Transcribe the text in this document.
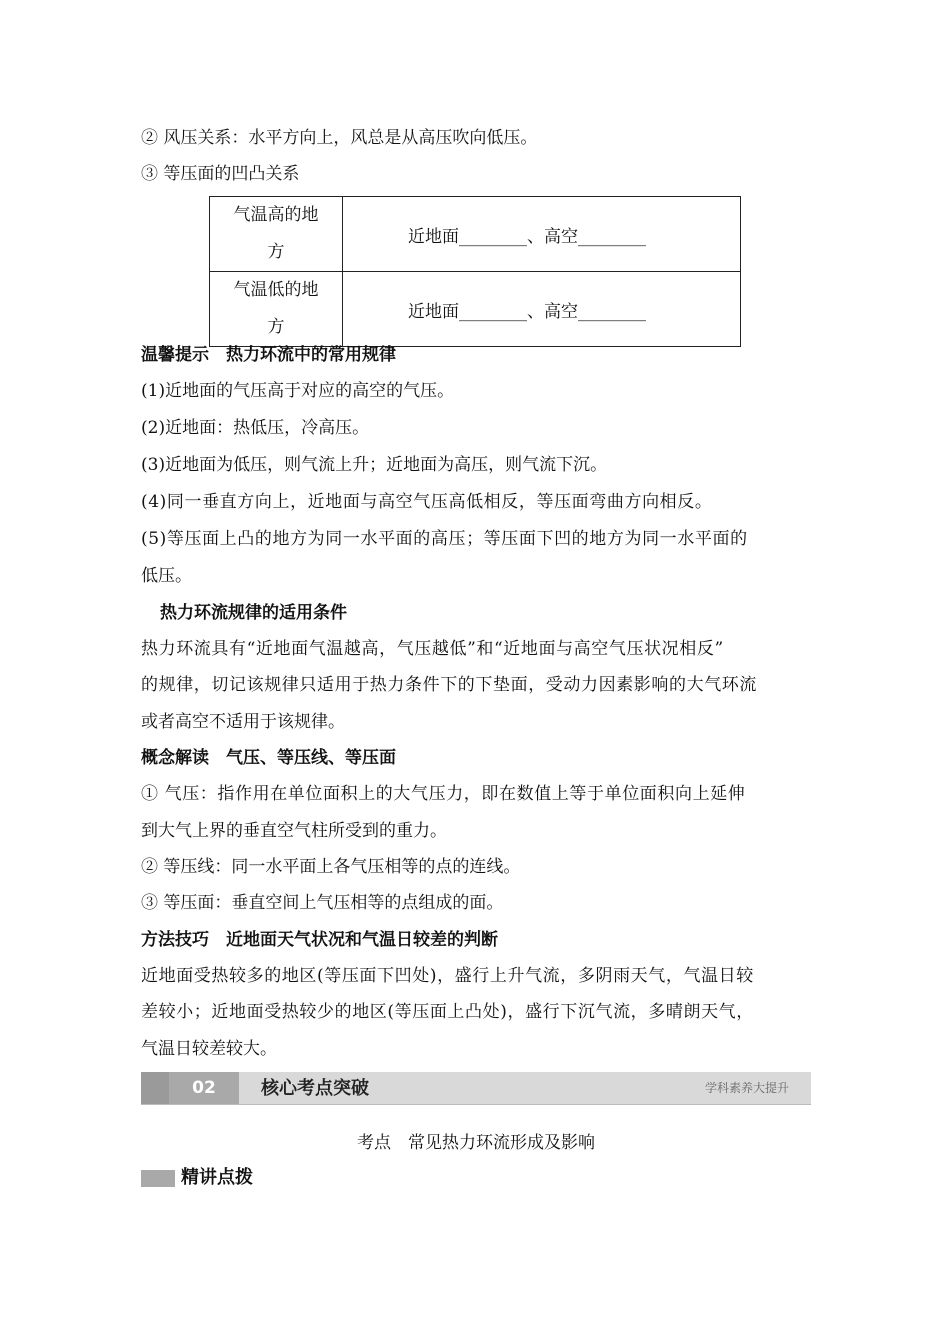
② 风压关系：水平方向上，风总是从高压吹向低压。
③ 等压面的凹凸关系
气温高的地方	近地面________、高空________

气温低的地方	近地面________、高空________
温馨提示　热力环流中的常用规律
(1)近地面的气压高于对应的高空的气压。
(2)近地面：热低压，冷高压。
(3)近地面为低压，则气流上升；近地面为高压，则气流下沉。
(4)同一垂直方向上，近地面与高空气压高低相反，等压面弯曲方向相反。
(5)等压面上凸的地方为同一水平面的高压；等压面下凹的地方为同一水平面的
低压。
热力环流规律的适用条件
热力环流具有“近地面气温越高，气压越低”和“近地面与高空气压状况相反”
的规律，切记该规律只适用于热力条件下的下垫面，受动力因素影响的大气环流
或者高空不适用于该规律。
概念解读　气压、等压线、等压面
① 气压：指作用在单位面积上的大气压力，即在数值上等于单位面积向上延伸
到大气上界的垂直空气柱所受到的重力。
② 等压线：同一水平面上各气压相等的点的连线。
③ 等压面：垂直空间上气压相等的点组成的面。
方法技巧　近地面天气状况和气温日较差的判断
近地面受热较多的地区(等压面下凹处)，盛行上升气流，多阴雨天气，气温日较
差较小；近地面受热较少的地区(等压面上凸处)，盛行下沉气流，多晴朗天气，
气温日较差较大。
02	核心考点突破	学科素养大提升
考点　常见热力环流形成及影响
精讲点拨
